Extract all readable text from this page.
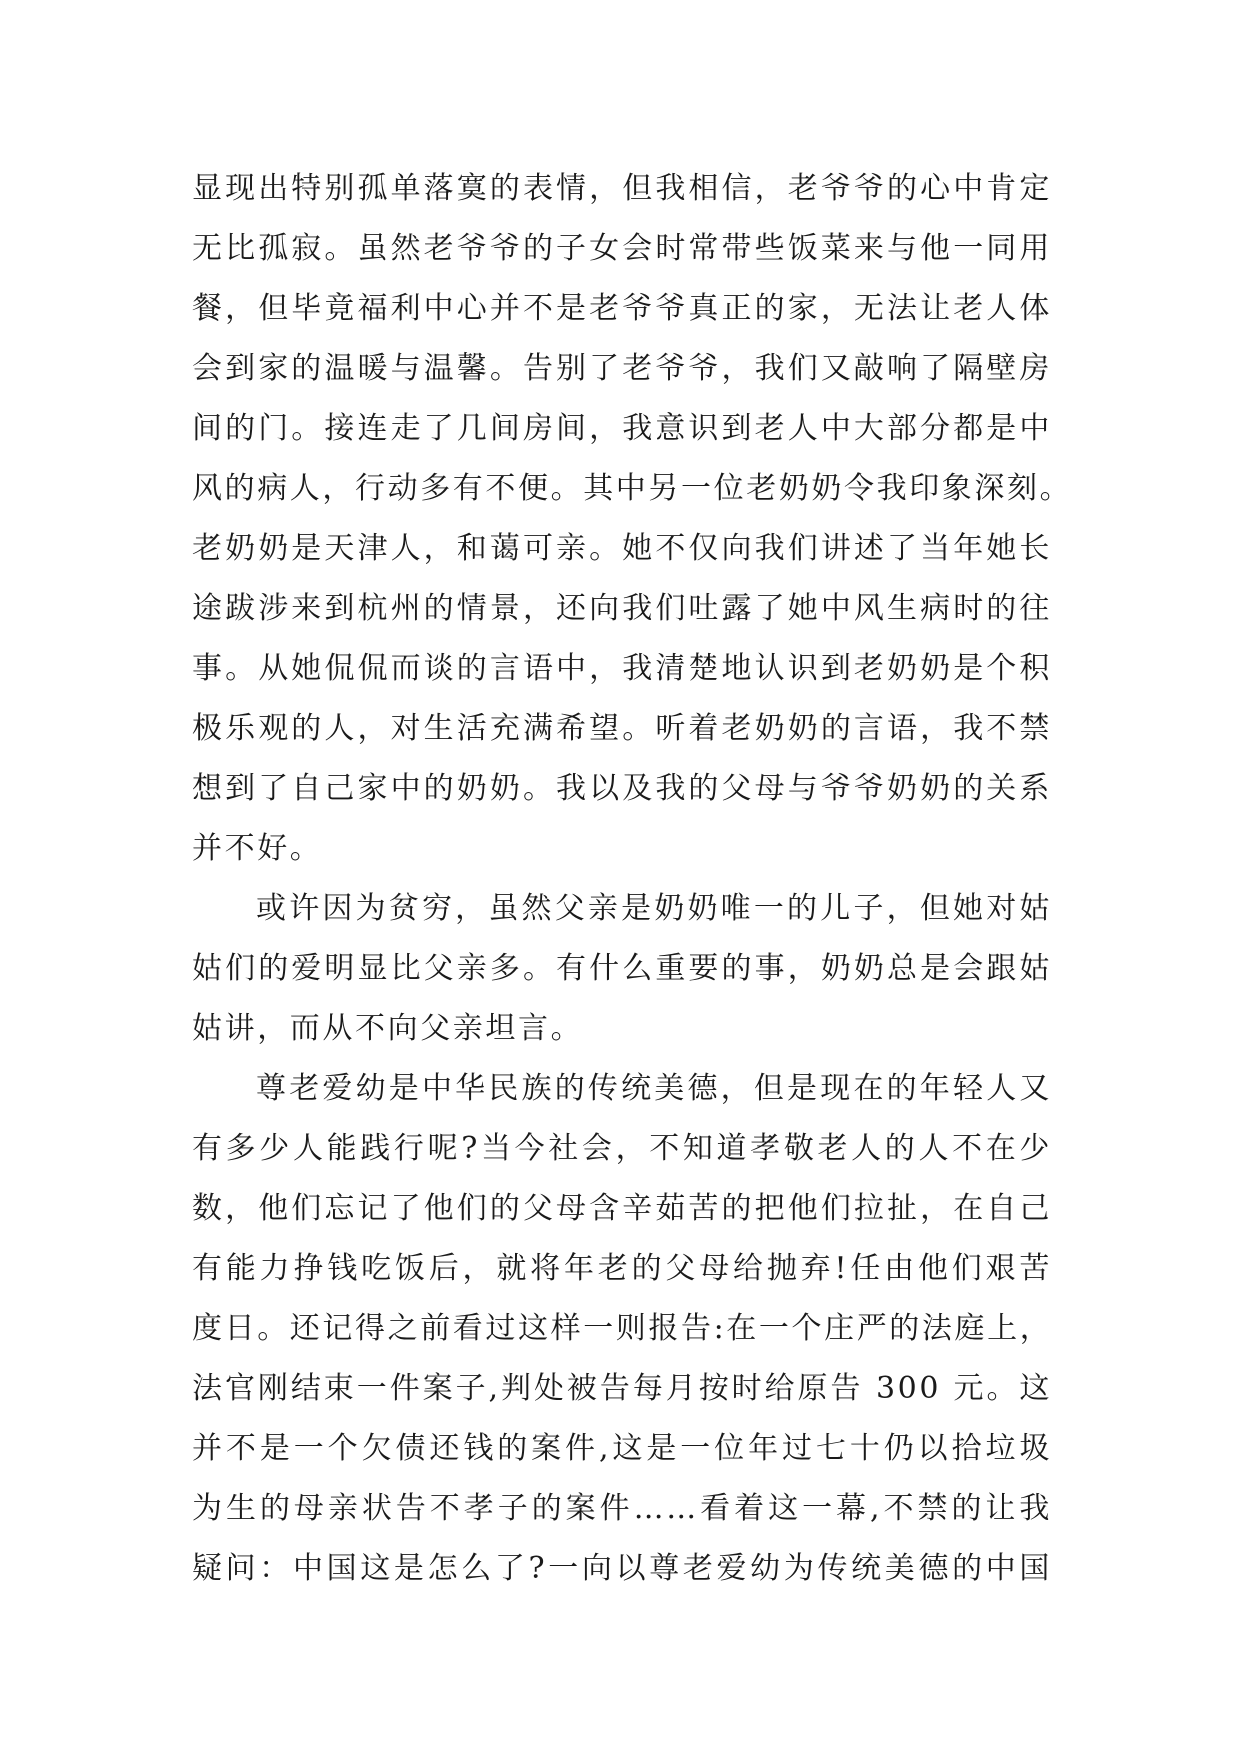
显现出特别孤单落寞的表情，但我相信，老爷爷的心中肯定
无比孤寂。虽然老爷爷的子女会时常带些饭菜来与他一同用
餐，但毕竟福利中心并不是老爷爷真正的家，无法让老人体
会到家的温暖与温馨。告别了老爷爷，我们又敲响了隔壁房
间的门。接连走了几间房间，我意识到老人中大部分都是中
风的病人，行动多有不便。其中另一位老奶奶令我印象深刻。
老奶奶是天津人，和蔼可亲。她不仅向我们讲述了当年她长
途跋涉来到杭州的情景，还向我们吐露了她中风生病时的往
事。从她侃侃而谈的言语中，我清楚地认识到老奶奶是个积
极乐观的人，对生活充满希望。听着老奶奶的言语，我不禁
想到了自己家中的奶奶。我以及我的父母与爷爷奶奶的关系
并不好。
或许因为贫穷，虽然父亲是奶奶唯一的儿子，但她对姑
姑们的爱明显比父亲多。有什么重要的事，奶奶总是会跟姑
姑讲，而从不向父亲坦言。
尊老爱幼是中华民族的传统美德，但是现在的年轻人又
有多少人能践行呢?当今社会，不知道孝敬老人的人不在少
数，他们忘记了他们的父母含辛茹苦的把他们拉扯，在自己
有能力挣钱吃饭后，就将年老的父母给抛弃!任由他们艰苦
度日。还记得之前看过这样一则报告:在一个庄严的法庭上，
法官刚结束一件案子,判处被告每月按时给原告 300 元。这
并不是一个欠债还钱的案件,这是一位年过七十仍以拾垃圾
为生的母亲状告不孝子的案件……看着这一幕,不禁的让我
疑问：中国这是怎么了?一向以尊老爱幼为传统美德的中国
